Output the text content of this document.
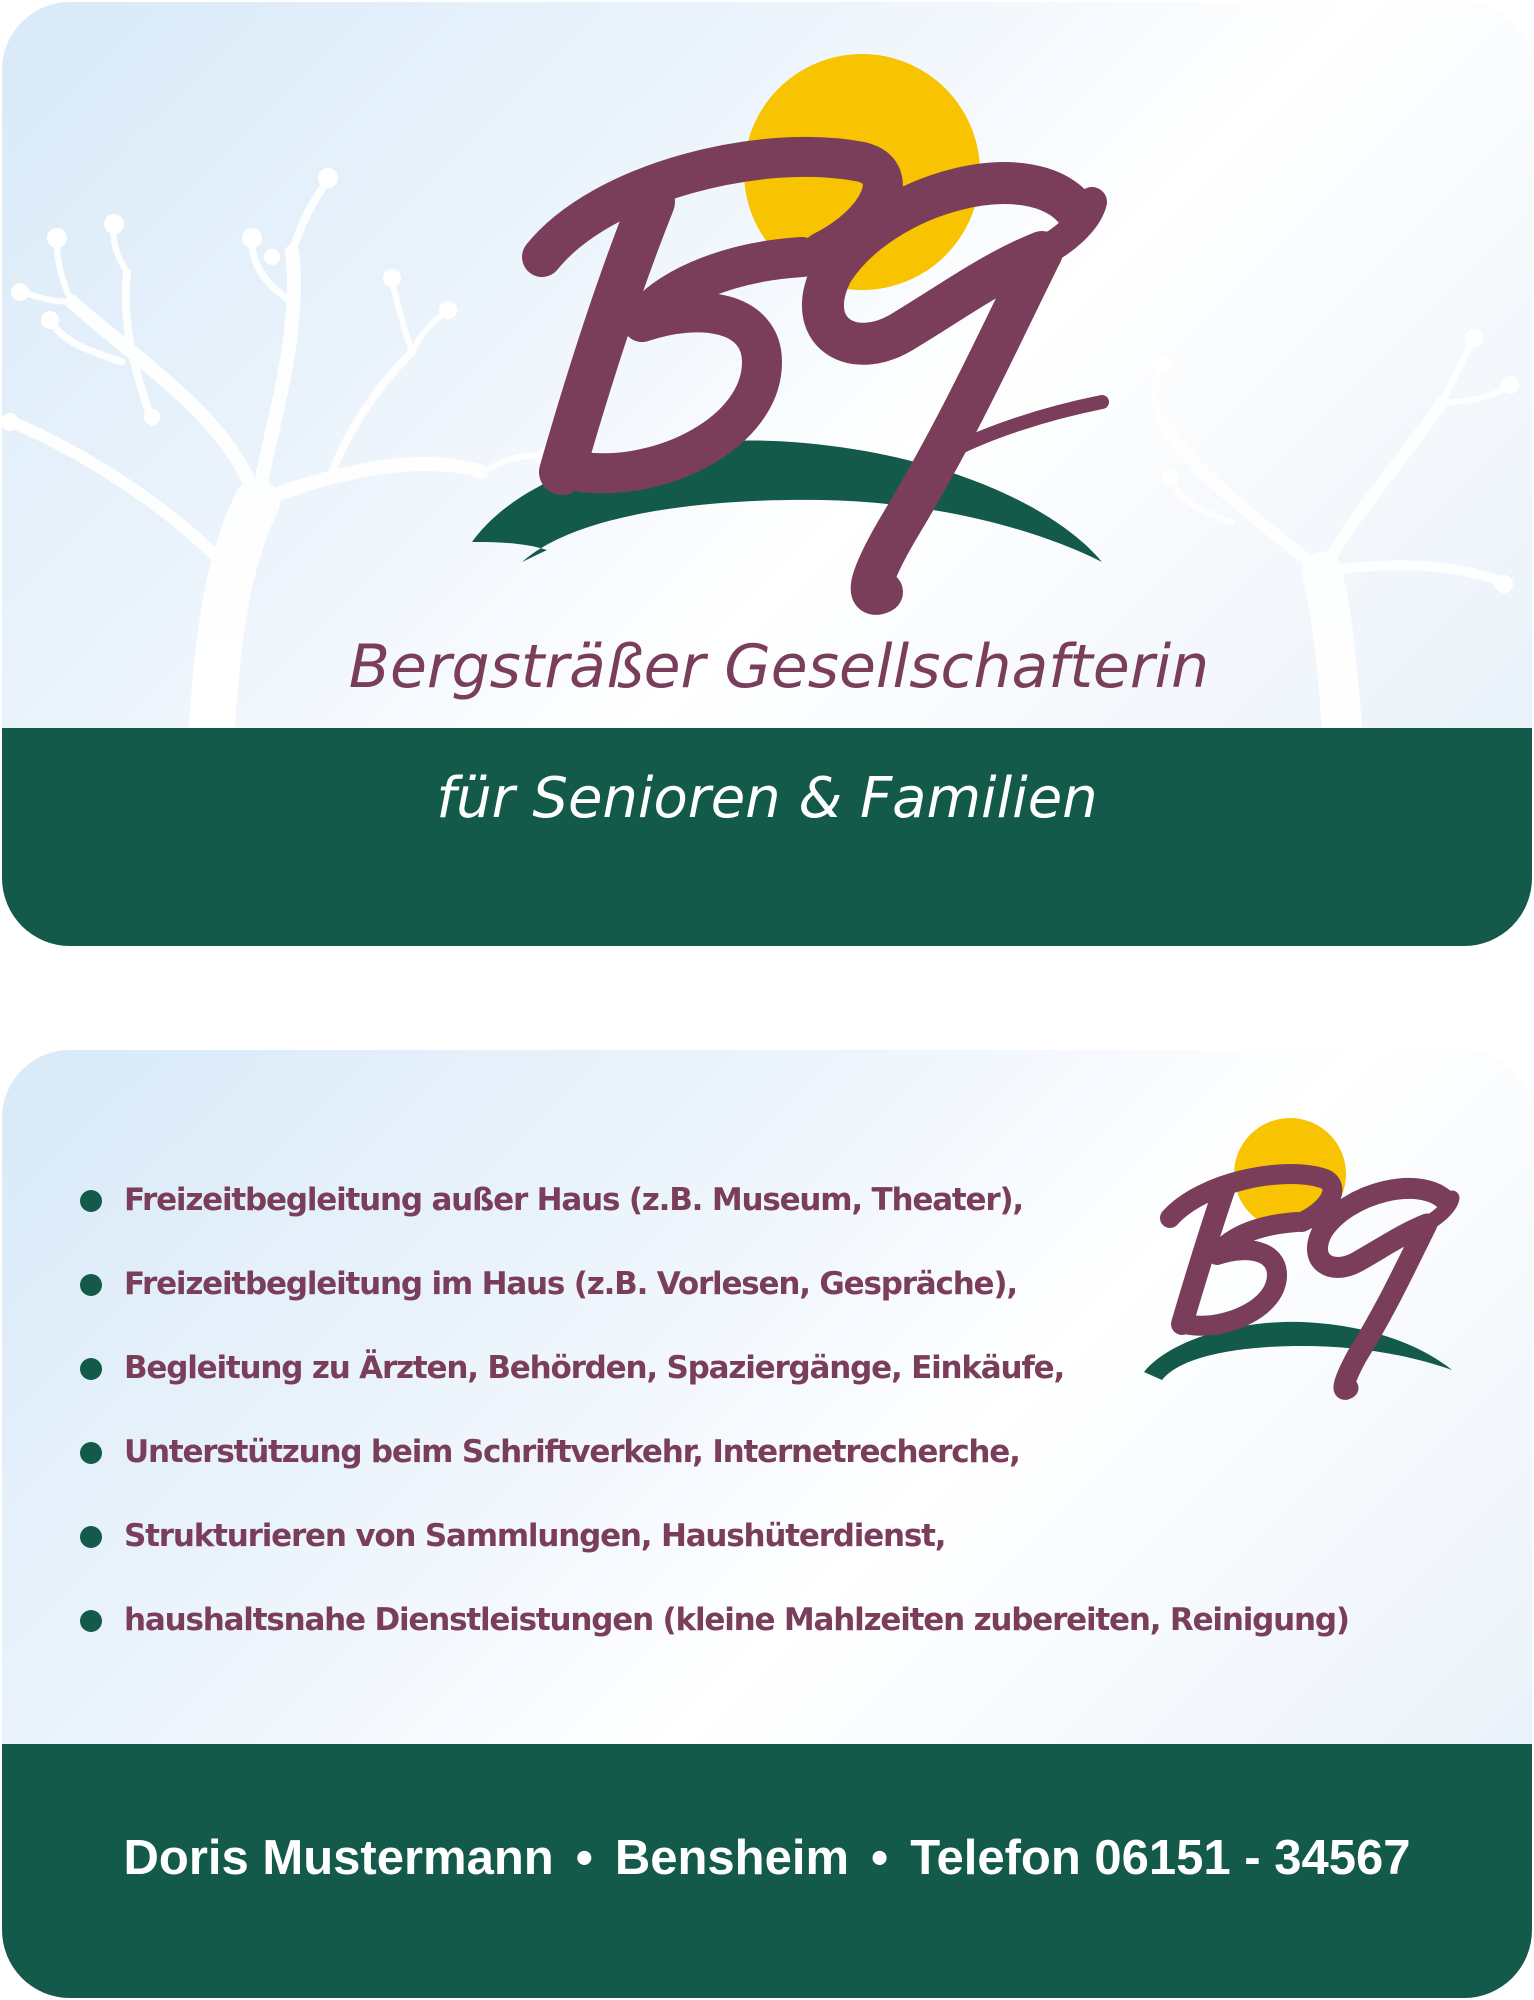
Bergsträßer Gesellschafterin
für Senioren & Familien
Freizeitbegleitung außer Haus (z.B. Museum, Theater),
Freizeitbegleitung im Haus (z.B. Vorlesen, Gespräche),
Begleitung zu Ärzten, Behörden, Spaziergänge, Einkäufe,
Unterstützung beim Schriftverkehr, Internetrecherche,
Strukturieren von Sammlungen, Haushüterdienst,
haushaltsnahe Dienstleistungen (kleine Mahlzeiten zubereiten, Reinigung)
Doris Mustermann • Bensheim • Telefon 06151 - 34567
